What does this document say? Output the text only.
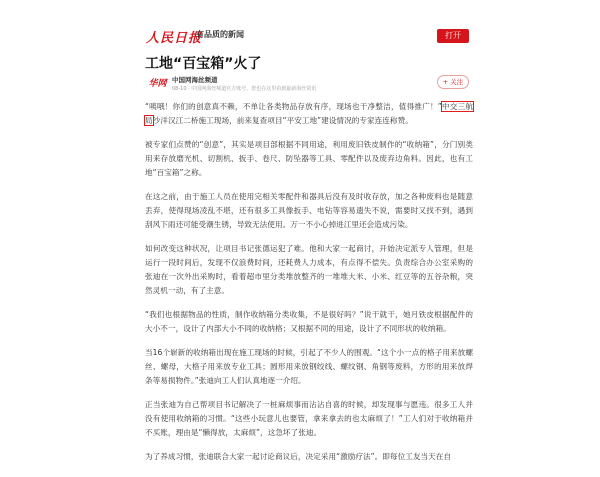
人民日报
有品质的新闻	打开
工地“百宝箱”火了
华网 中国网海丝频道
08-10 · 中国网海丝频道官方账号，您也在这里看到最新海丝资讯
+ 关注

“咦哦！你们的创意真不赖，不单让各类物品存放有序，现场也干净整洁，值得推广！”中交三航局沙洋汉江二桥施工现场，前来复查项目“平安工地”建设情况的专家连连称赞。

被专家们点赞的“创意”，其实是项目部根据不同用途，利用废旧铁皮制作的“收纳箱”，分门别类用来存放磨光机、切割机、扳手、卷尺、防坠器等工具、零配件以及废弃边角料。因此，也有工地“百宝箱”之称。

在这之前，由于施工人员在使用完相关零配件和器具后没有及时收存放，加之各种废料也是随意丢弃，使得现场凌乱不堪，还有很多工具像扳手、电钻等容易遗失不说，需要时又找不到，遇到刮风下雨还可能受潮生锈，导致无法使用。万一不小心掉进江里还会造成污染。

如何改变这种状况，让项目书记张德运犯了难。他和大家一起商讨，开始决定派专人管理，但是运行一段时间后，发现不仅浪费时间，还耗费人力成本，有点得不偿失。负责综合办公室采购的张迪在一次外出采购时，看着超市里分类堆放整齐的一堆堆大米、小米、红豆等的五谷杂粮，突然灵机一动，有了主意。

“我们也根据物品的性质，制作收纳箱分类收集，不是很好吗？”说干就干，她月铁皮根据配件的大小不一，设计了内部大小不同的收纳格；又根据不同的用途，设计了不同形状的收纳箱。

当16个崭新的收纳箱出现在施工现场的时候，引起了不少人的围观。“这个小一点的格子用来放螺丝、螺母，大格子用来放专业工具；圆形用来放钢绞线、螺纹钢、角钢等废料，方形的用来放焊条等易损物件。”张迪向工人们认真地逐一介绍。

正当张迪为自己帮项目书记解决了一桩麻烦事而沾沾自喜的时候，却发现事与愿违。很多工人并没有使用收纳箱的习惯。“这些小玩意儿也要管，拿来拿去的也太麻烦了！”工人们对于收纳箱并不买账，理由是“懒得放，太麻烦”，这急坏了张迪。

为了养成习惯，张迪联合大家一起讨论商议后，决定采用“激励疗法”。即每位工友当天在自
